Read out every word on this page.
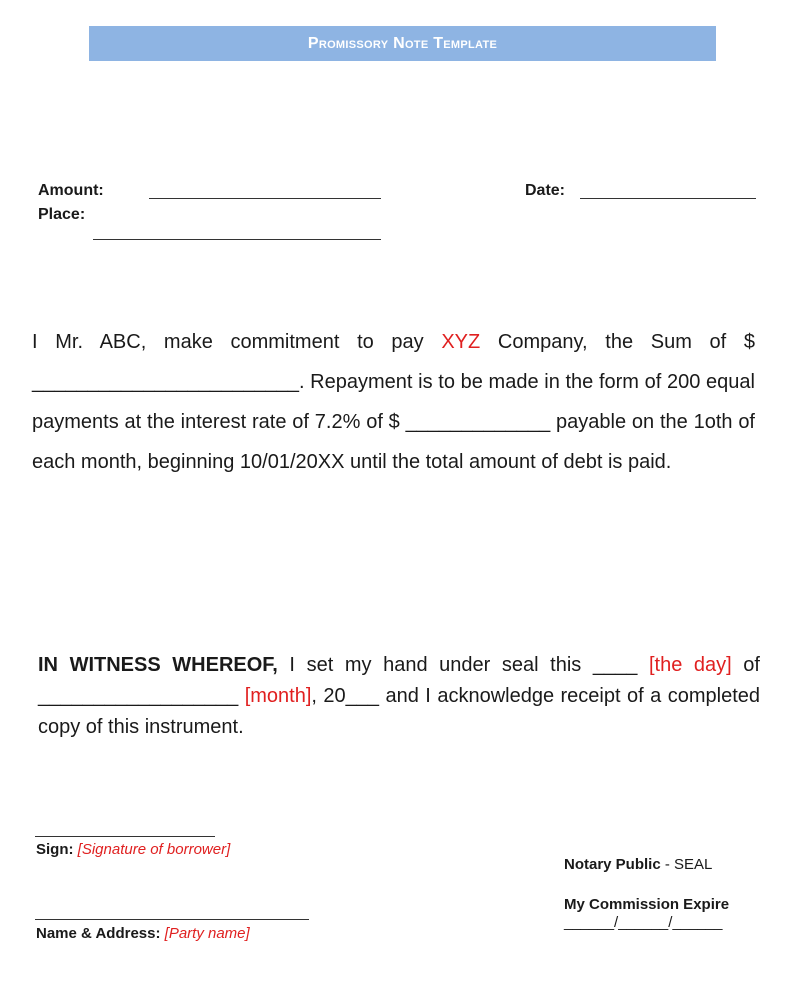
Promissory Note Template
Amount:
Place:
Date:

I Mr. ABC, make commitment to pay XYZ Company, the Sum of $ ________________________. Repayment is to be made in the form of 200 equal payments at the interest rate of 7.2% of $ _____________ payable on the 1oth of each month, beginning 10/01/20XX until the total amount of debt is paid.

IN WITNESS WHEREOF, I set my hand under seal this ____ [the day] of __________________ [month], 20___ and I acknowledge receipt of a completed copy of this instrument.

Sign: [Signature of borrower]
Name & Address: [Party name]
Notary Public - SEAL
My Commission Expire
______/______/______
